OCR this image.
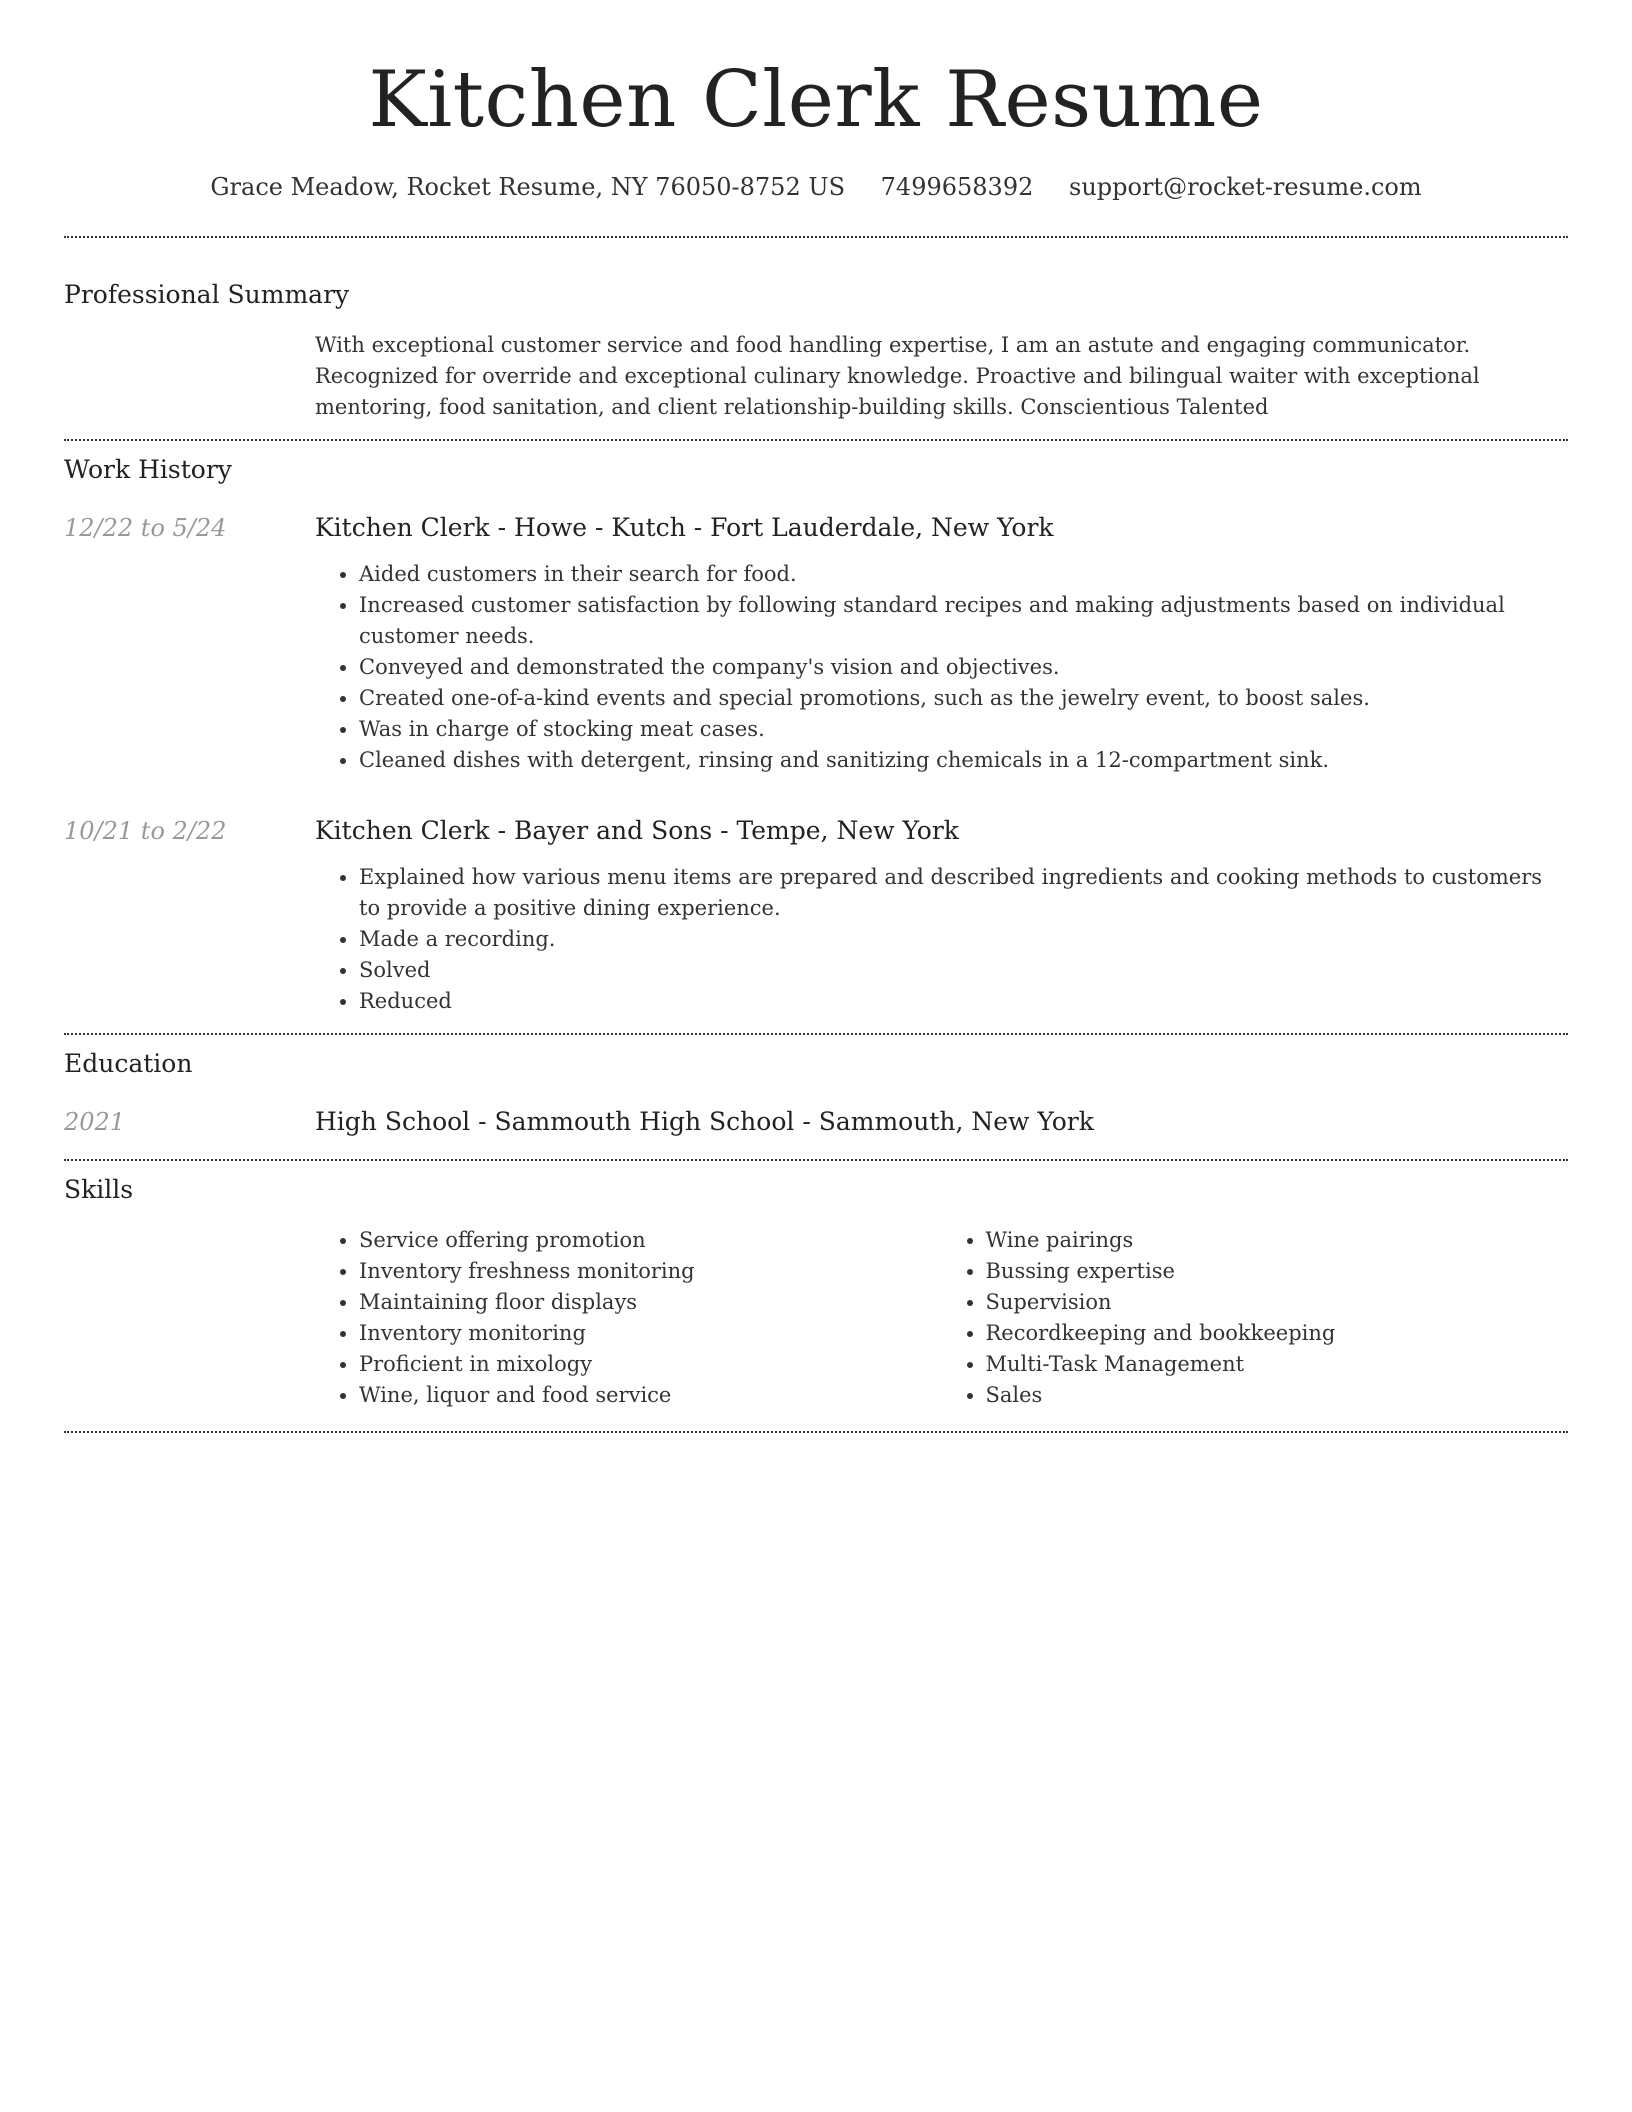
Kitchen Clerk Resume
Grace Meadow, Rocket Resume, NY 76050-8752 US 7499658392 support@rocket-resume.com
Professional Summary
With exceptional customer service and food handling expertise, I am an astute and engaging communicator. Recognized for override and exceptional culinary knowledge. Proactive and bilingual waiter with exceptional mentoring, food sanitation, and client relationship-building skills. Conscientious Talented
Work History
12/22 to 5/24	Kitchen Clerk - Howe - Kutch - Fort Lauderdale, New York
• Aided customers in their search for food.
• Increased customer satisfaction by following standard recipes and making adjustments based on individual customer needs.
• Conveyed and demonstrated the company's vision and objectives.
• Created one-of-a-kind events and special promotions, such as the jewelry event, to boost sales.
• Was in charge of stocking meat cases.
• Cleaned dishes with detergent, rinsing and sanitizing chemicals in a 12-compartment sink.
10/21 to 2/22	Kitchen Clerk - Bayer and Sons - Tempe, New York
• Explained how various menu items are prepared and described ingredients and cooking methods to customers to provide a positive dining experience.
• Made a recording.
• Solved
• Reduced
Education
2021	High School - Sammouth High School - Sammouth, New York
Skills
• Service offering promotion
• Inventory freshness monitoring
• Maintaining floor displays
• Inventory monitoring
• Proficient in mixology
• Wine, liquor and food service
• Wine pairings
• Bussing expertise
• Supervision
• Recordkeeping and bookkeeping
• Multi-Task Management
• Sales
